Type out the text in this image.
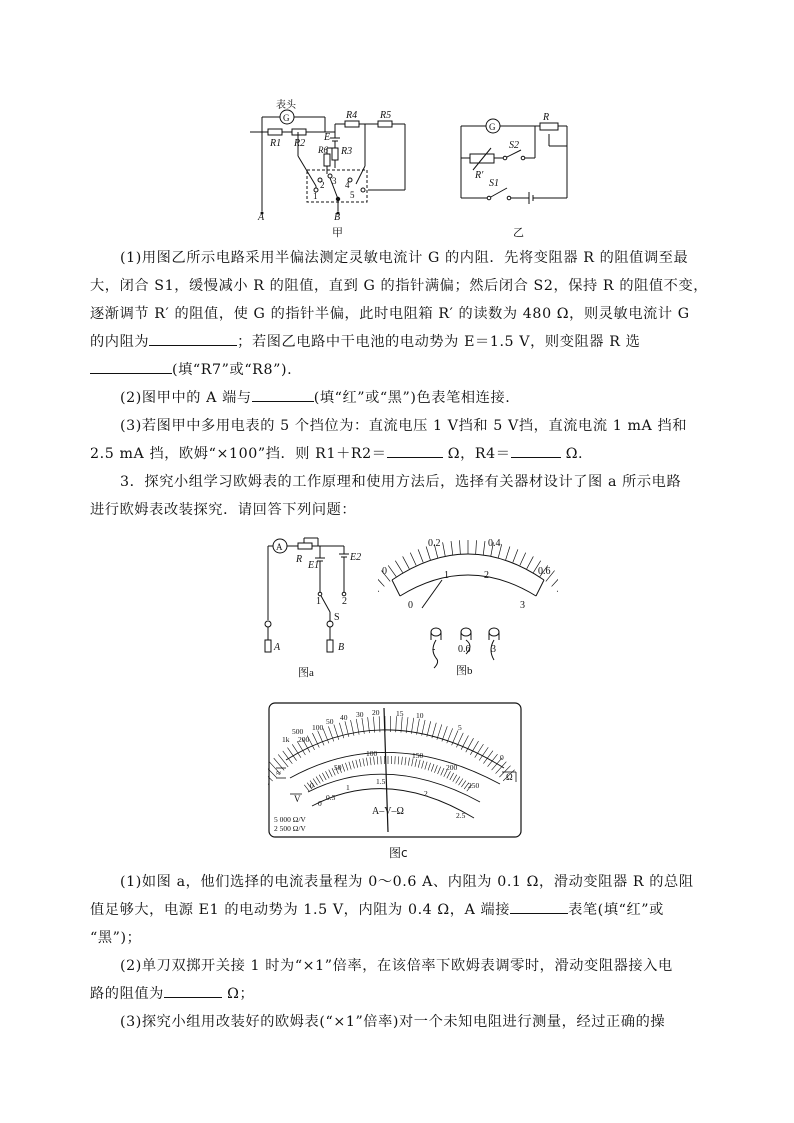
表头
G
R1 R2
R4 R5
E
R3
R6
2
1
3 4
5
A	B
甲
G
R
R′
S2
S1
乙
(1)用图乙所示电路采用半偏法测定灵敏电流计 G 的内阻．先将变阻器 R 的阻值调至最
大，闭合 S1，缓慢减小 R 的阻值，直到 G 的指针满偏；然后闭合 S2，保持 R 的阻值不变，
逐渐调节 R′ 的阻值，使 G 的指针半偏，此时电阻箱 R′ 的读数为 480 Ω，则灵敏电流计 G
的内阻为	；若图乙电路中干电池的电动势为 E＝1.5 V，则变阻器 R 选
(填“R7”或“R8”).
(2)图甲中的 A 端与	(填“红”或“黑”)色表笔相连接.
(3)若图甲中多用电表的 5 个挡位为：直流电压 1 V挡和 5 V挡，直流电流 1 mA 挡和
2.5 mA 挡，欧姆“×100”挡．则 R1＋R2＝	Ω，R4＝	Ω.
3．探究小组学习欧姆表的工作原理和使用方法后，选择有关器材设计了图 a 所示电路
进行欧姆表改装探究．请回答下列问题：
A
R
E1
E2
1 2
S
A	B
图a
0
0.2	0.4
0.6
0
1	2
3
- 0.6 3
图b
1k
500
200
100
50 40 30 20 15 10
5
0
Ω
0
50
100	150
200
250
0
0.5
1
1.5
2
2.5
≈
V
A–V–Ω
5 000 Ω/V
2 500 Ω/V
图c
(1)如图 a，他们选择的电流表量程为 0～0.6 A、内阻为 0.1 Ω，滑动变阻器 R 的总阻
值足够大，电源 E1 的电动势为 1.5 V，内阻为 0.4 Ω，A 端接	表笔(填“红”或
“黑”)；
(2)单刀双掷开关接 1 时为“×1”倍率，在该倍率下欧姆表调零时，滑动变阻器接入电
路的阻值为	Ω；
(3)探究小组用改装好的欧姆表(“×1”倍率)对一个未知电阻进行测量，经过正确的操
